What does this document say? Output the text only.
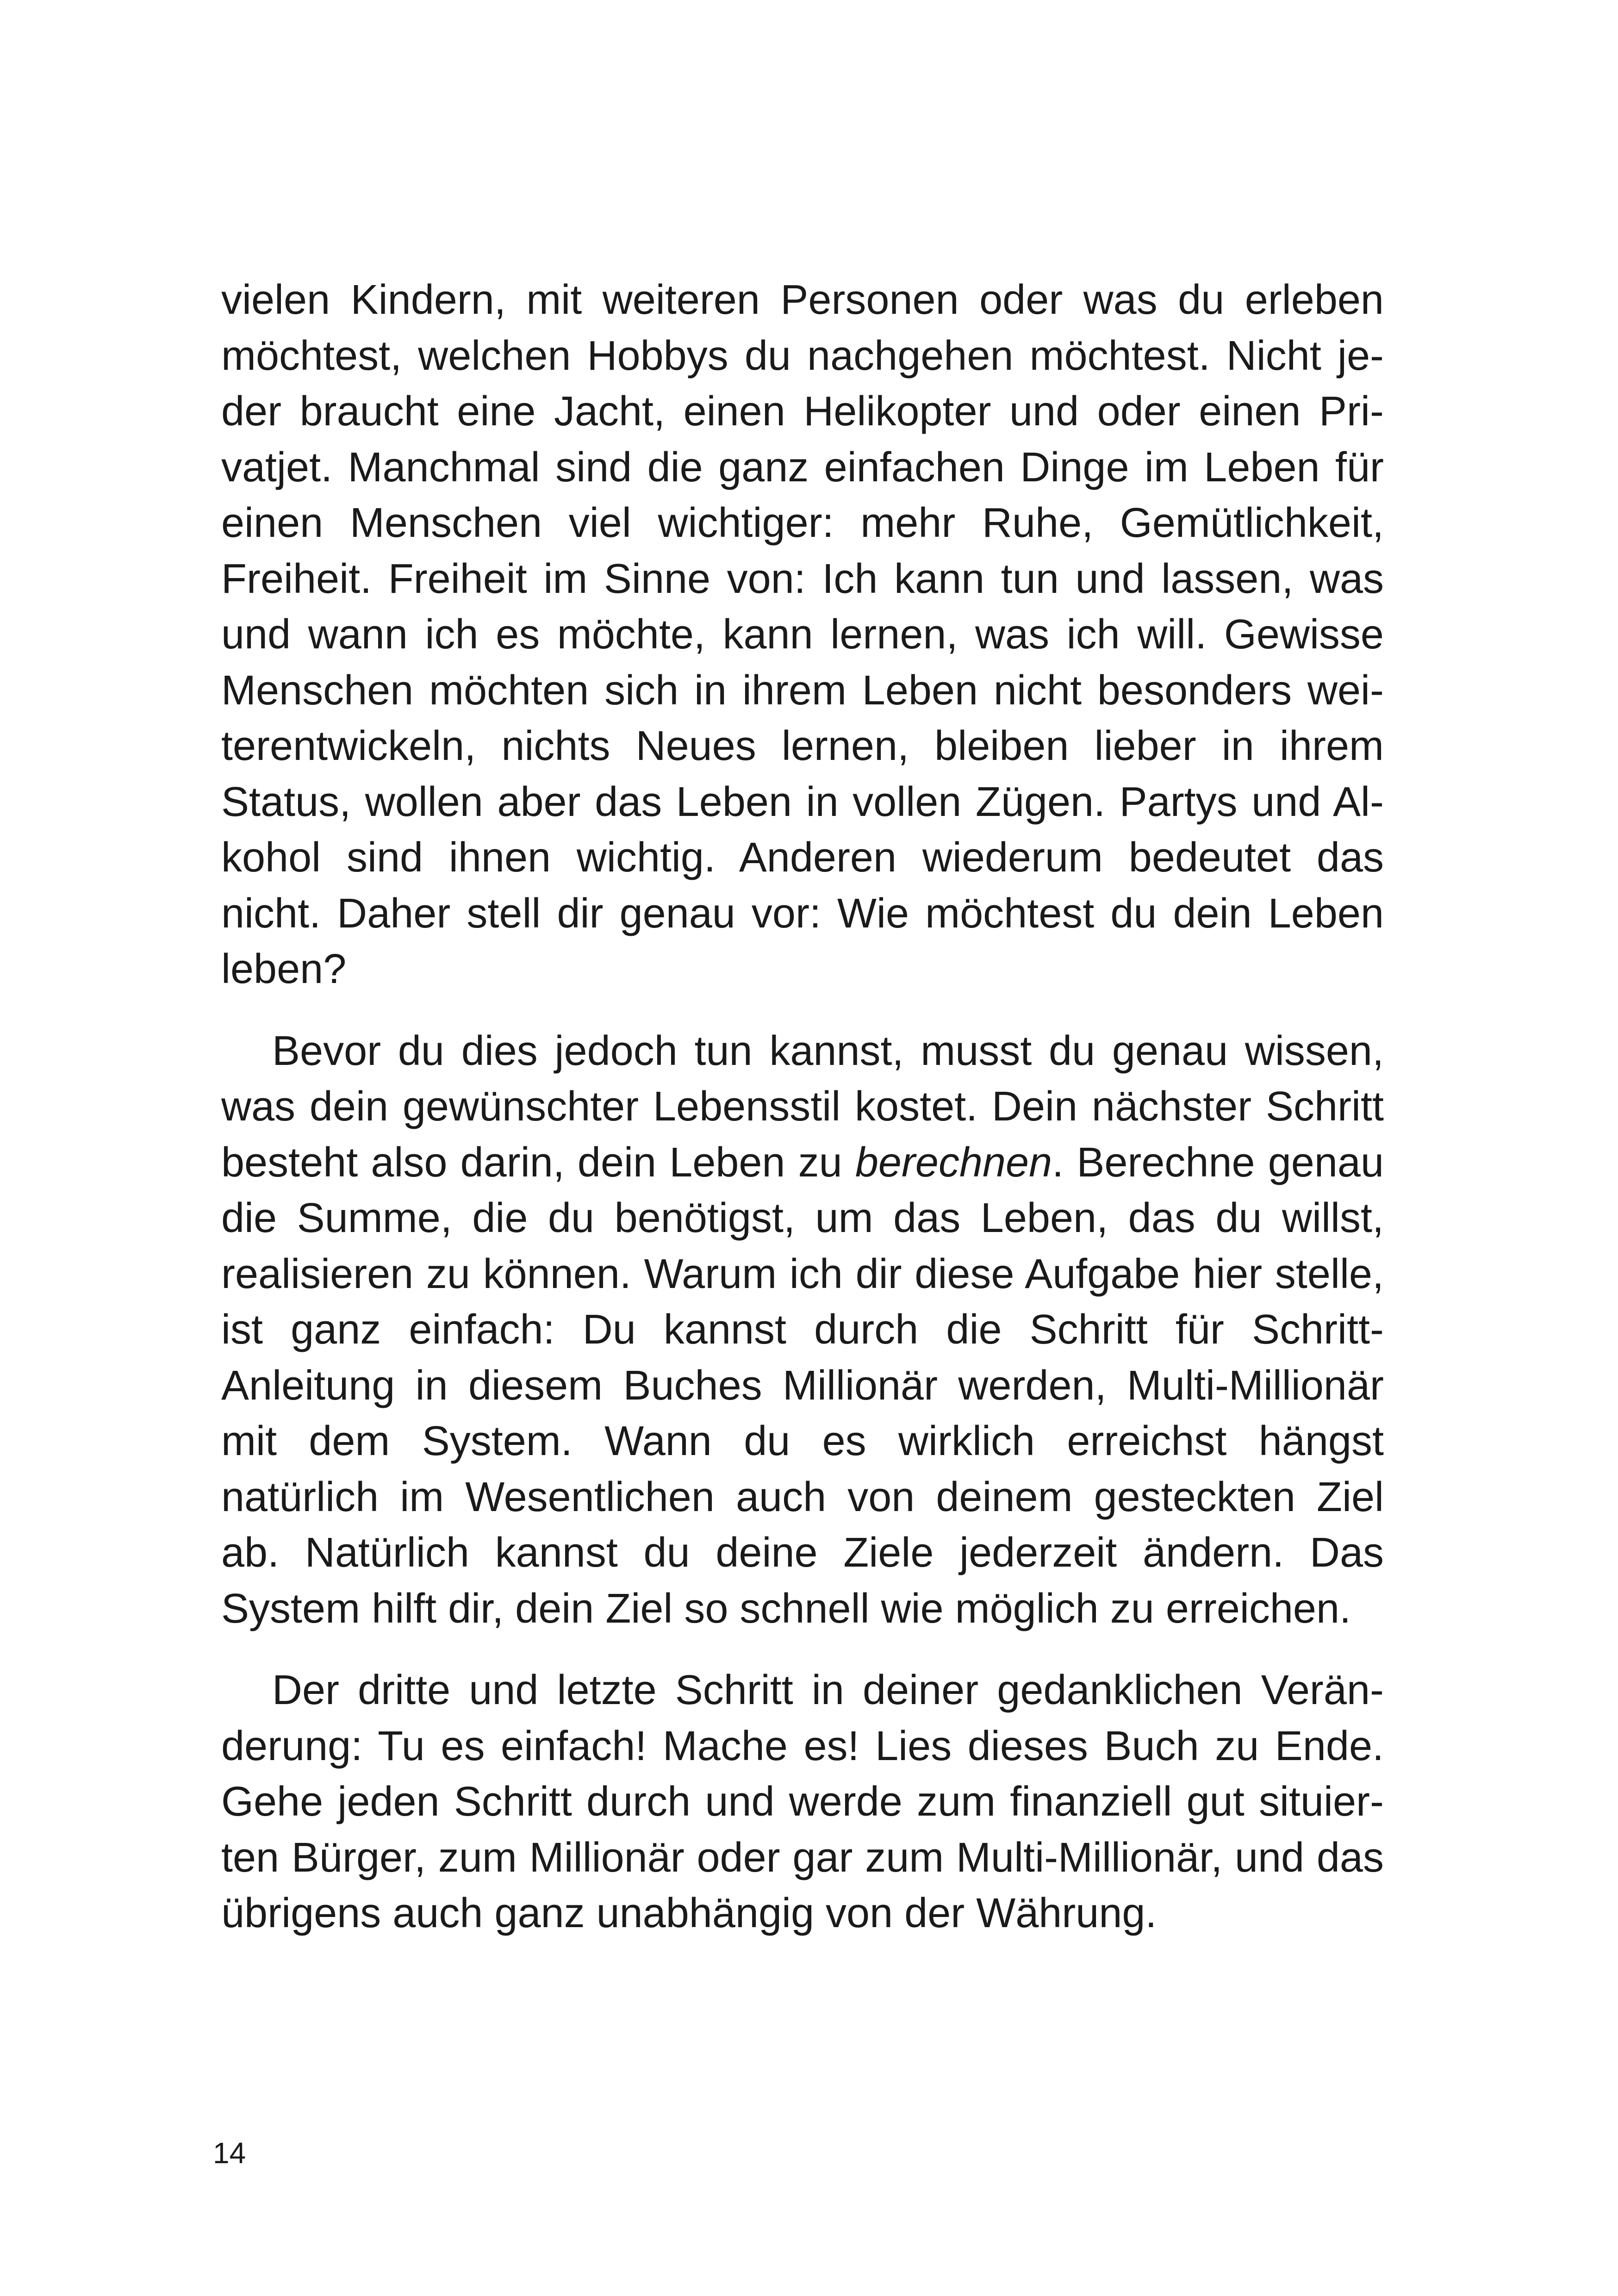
vielen Kindern, mit weiteren Personen oder was du erleben möchtest, welchen Hobbys du nachgehen möchtest. Nicht jeder braucht eine Jacht, einen Helikopter und oder einen Privatjet. Manchmal sind die ganz einfachen Dinge im Leben für einen Menschen viel wichtiger: mehr Ruhe, Gemütlichkeit, Freiheit. Freiheit im Sinne von: Ich kann tun und lassen, was und wann ich es möchte, kann lernen, was ich will. Gewisse Menschen möchten sich in ihrem Leben nicht besonders weiterentwickeln, nichts Neues lernen, bleiben lieber in ihrem Status, wollen aber das Leben in vollen Zügen. Partys und Alkohol sind ihnen wichtig. Anderen wiederum bedeutet das nicht. Daher stell dir genau vor: Wie möchtest du dein Leben leben?

Bevor du dies jedoch tun kannst, musst du genau wissen, was dein gewünschter Lebensstil kostet. Dein nächster Schritt besteht also darin, dein Leben zu berechnen. Berechne genau die Summe, die du benötigst, um das Leben, das du willst, realisieren zu können. Warum ich dir diese Aufgabe hier stelle, ist ganz einfach: Du kannst durch die Schritt für Schritt-Anleitung in diesem Buches Millionär werden, Multi-Millionär mit dem System. Wann du es wirklich erreichst hängst natürlich im Wesentlichen auch von deinem gesteckten Ziel ab. Natürlich kannst du deine Ziele jederzeit ändern. Das System hilft dir, dein Ziel so schnell wie möglich zu erreichen.

Der dritte und letzte Schritt in deiner gedanklichen Veränderung: Tu es einfach! Mache es! Lies dieses Buch zu Ende. Gehe jeden Schritt durch und werde zum finanziell gut situierten Bürger, zum Millionär oder gar zum Multi-Millionär, und das übrigens auch ganz unabhängig von der Währung.

14
